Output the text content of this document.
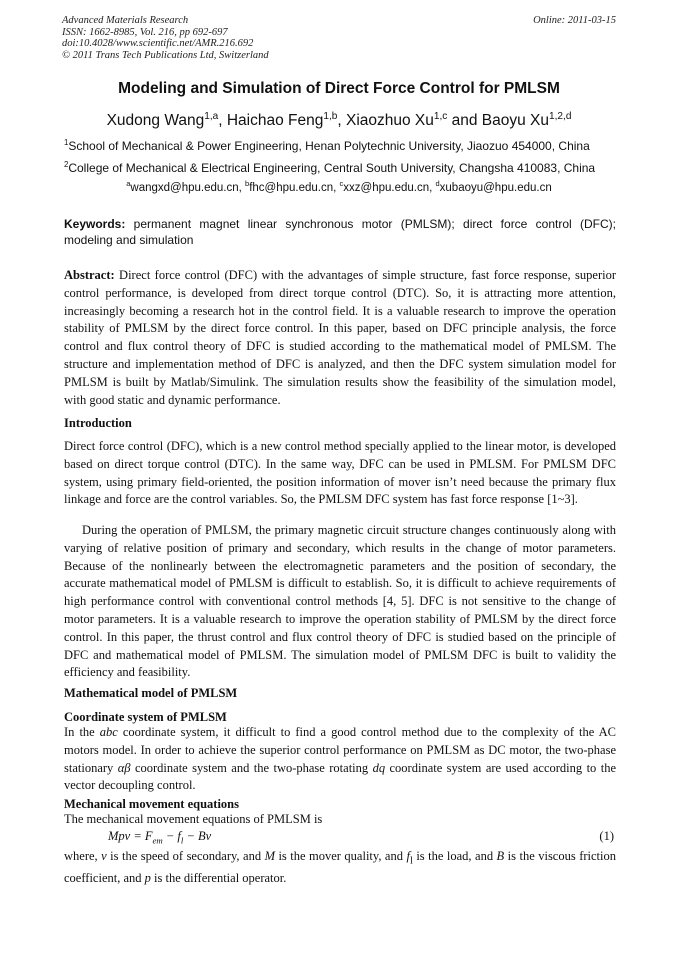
Advanced Materials Research
ISSN: 1662-8985, Vol. 216, pp 692-697
doi:10.4028/www.scientific.net/AMR.216.692
© 2011 Trans Tech Publications Ltd, Switzerland
Online: 2011-03-15
Modeling and Simulation of Direct Force Control for PMLSM
Xudong Wang$^{1,a}$, Haichao Feng$^{1,b}$, Xiaozhuo Xu$^{1,c}$ and Baoyu Xu$^{1,2,d}$
$^1$School of Mechanical & Power Engineering, Henan Polytechnic University, Jiaozuo 454000, China
$^2$College of Mechanical & Electrical Engineering, Central South University, Changsha 410083, China
$^a$wangxd@hpu.edu.cn, $^b$fhc@hpu.edu.cn, $^c$xxz@hpu.edu.cn, $^d$xubaoyu@hpu.edu.cn
Keywords: permanent magnet linear synchronous motor (PMLSM); direct force control (DFC); modeling and simulation
Abstract: Direct force control (DFC) with the advantages of simple structure, fast force response, superior control performance, is developed from direct torque control (DTC). So, it is attracting more attention, increasingly becoming a research hot in the control field. It is a valuable research to improve the operation stability of PMLSM by the direct force control. In this paper, based on DFC principle analysis, the force control and flux control theory of DFC is studied according to the mathematical model of PMLSM. The structure and implementation method of DFC is analyzed, and then the DFC system simulation model for PMLSM is built by Matlab/Simulink. The simulation results show the feasibility of the simulation model, with good static and dynamic performance.
Introduction
Direct force control (DFC), which is a new control method specially applied to the linear motor, is developed based on direct torque control (DTC). In the same way, DFC can be used in PMLSM. For PMLSM DFC system, using primary field-oriented, the position information of mover isn’t need because the primary flux linkage and force are the control variables. So, the PMLSM DFC system has fast force response [1~3].
During the operation of PMLSM, the primary magnetic circuit structure changes continuously along with varying of relative position of primary and secondary, which results in the change of motor parameters. Because of the nonlinearly between the electromagnetic parameters and the position of secondary, the accurate mathematical model of PMLSM is difficult to establish. So, it is difficult to achieve requirements of high performance control with conventional control methods [4, 5]. DFC is not sensitive to the change of motor parameters. It is a valuable research to improve the operation stability of PMLSM by the direct force control. In this paper, the thrust control and flux control theory of DFC is studied based on the principle of DFC and mathematical model of PMLSM. The simulation model of PMLSM DFC is built to validity the efficiency and feasibility.
Mathematical model of PMLSM
Coordinate system of PMLSM
In the abc coordinate system, it difficult to find a good control method due to the complexity of the AC motors model. In order to achieve the superior control performance on PMLSM as DC motor, the two-phase stationary αβ coordinate system and the two-phase rotating dq coordinate system are used according to the vector decoupling control.
Mechanical movement equations
The mechanical movement equations of PMLSM is
Mpv = $F_{em} - f_l - Bv$	(1)
where, v is the speed of secondary, and M is the mover quality, and $f_l$ is the load, and B is the viscous friction coefficient, and p is the differential operator.
